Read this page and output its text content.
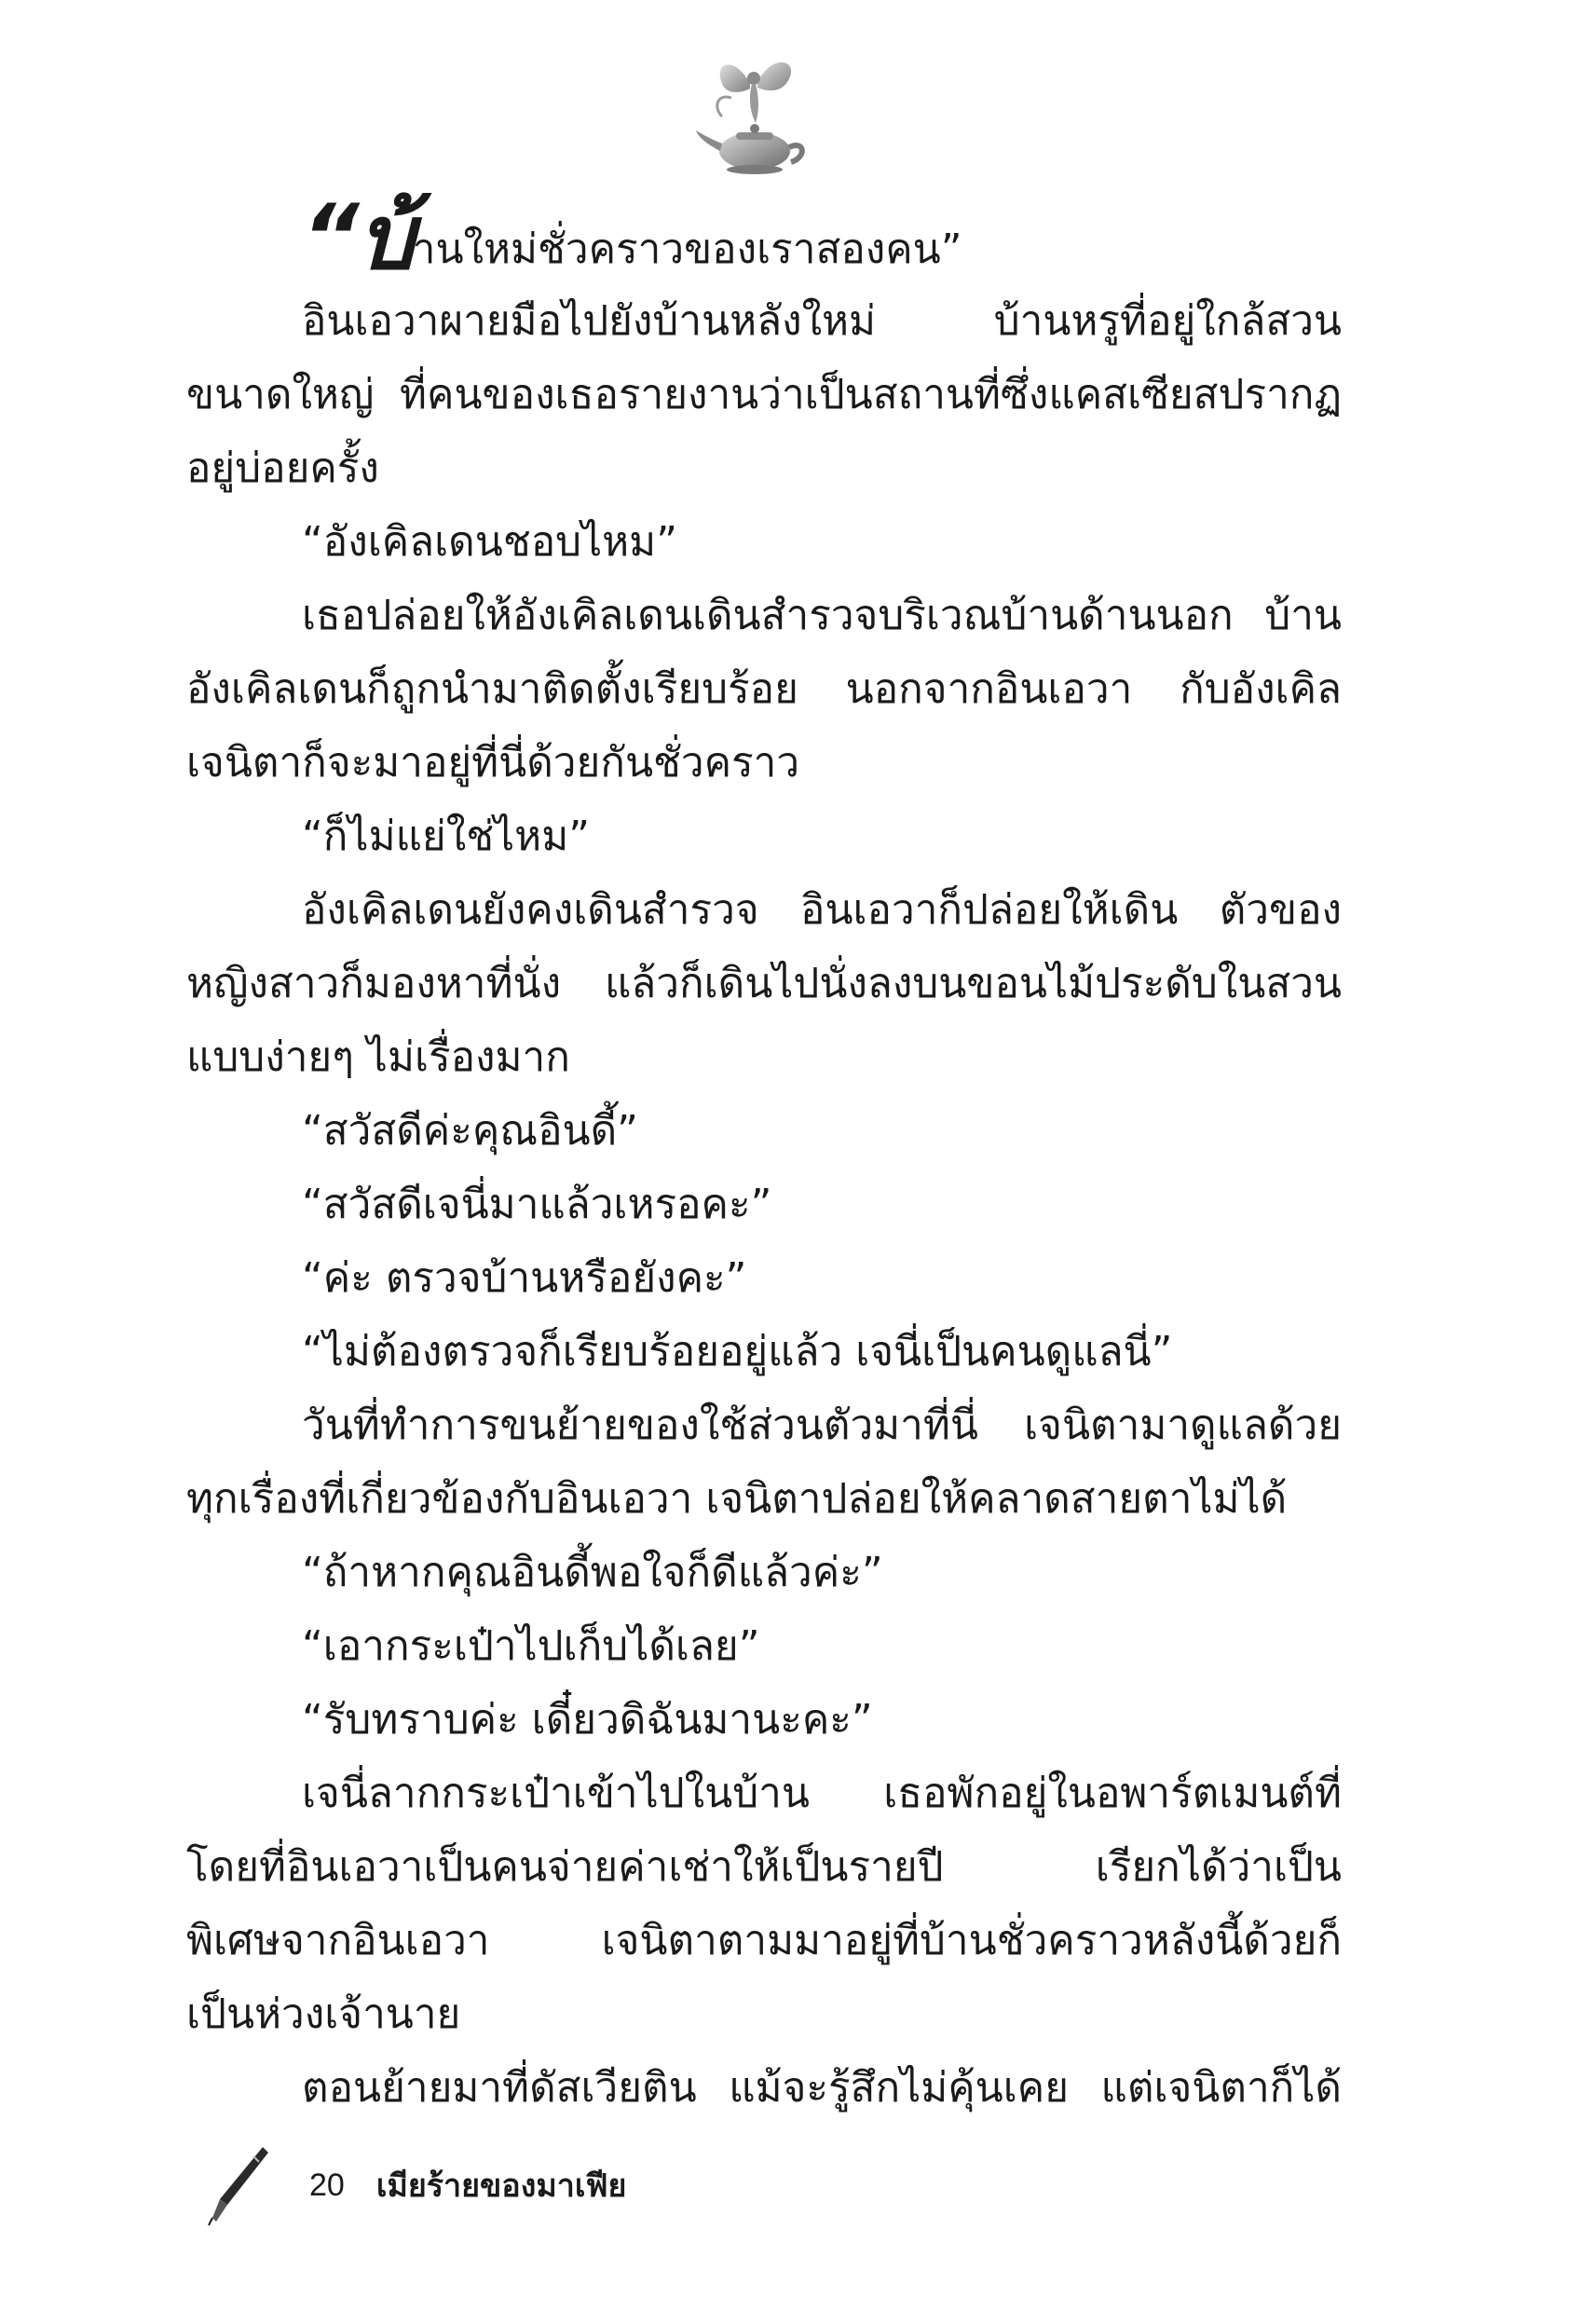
“บ้านใหม่ชั่วคราวของเราสองคน”
อินเอวาผายมือไปยังบ้านหลังใหม่ บ้านหรูที่อยู่ใกล้สวน
ขนาดใหญ่ ที่คนของเธอรายงานว่าเป็นสถานที่ซึ่งแคสเซียสปรากฏ
อยู่บ่อยครั้ง
“อังเคิลเดนชอบไหม”
เธอปล่อยให้อังเคิลเดนเดินสำรวจบริเวณบ้านด้านนอก บ้าน
อังเคิลเดนก็ถูกนำมาติดตั้งเรียบร้อย นอกจากอินเอวา กับอังเคิล
เจนิตาก็จะมาอยู่ที่นี่ด้วยกันชั่วคราว
“ก็ไม่แย่ใช่ไหม”
อังเคิลเดนยังคงเดินสำรวจ อินเอวาก็ปล่อยให้เดิน ตัวของ
หญิงสาวก็มองหาที่นั่ง แล้วก็เดินไปนั่งลงบนขอนไม้ประดับในสวน
แบบง่ายๆ ไม่เรื่องมาก
“สวัสดีค่ะคุณอินดี้”
“สวัสดีเจนี่มาแล้วเหรอคะ”
“ค่ะ ตรวจบ้านหรือยังคะ”
“ไม่ต้องตรวจก็เรียบร้อยอยู่แล้ว เจนี่เป็นคนดูแลนี่”
วันที่ทำการขนย้ายของใช้ส่วนตัวมาที่นี่ เจนิตามาดูแลด้วย
ทุกเรื่องที่เกี่ยวข้องกับอินเอวา เจนิตาปล่อยให้คลาดสายตาไม่ได้
“ถ้าหากคุณอินดี้พอใจก็ดีแล้วค่ะ”
“เอากระเป๋าไปเก็บได้เลย”
“รับทราบค่ะ เดี๋ยวดิฉันมานะคะ”
เจนี่ลากกระเป๋าเข้าไปในบ้าน เธอพักอยู่ในอพาร์ตเมนต์ที่
โดยที่อินเอวาเป็นคนจ่ายค่าเช่าให้เป็นรายปี เรียกได้ว่าเป็น
พิเศษจากอินเอวา เจนิตาตามมาอยู่ที่บ้านชั่วคราวหลังนี้ด้วยก็
เป็นห่วงเจ้านาย
ตอนย้ายมาที่ดัสเวียติน แม้จะรู้สึกไม่คุ้นเคย แต่เจนิตาก็ได้
20 เมียร้ายของมาเฟีย
